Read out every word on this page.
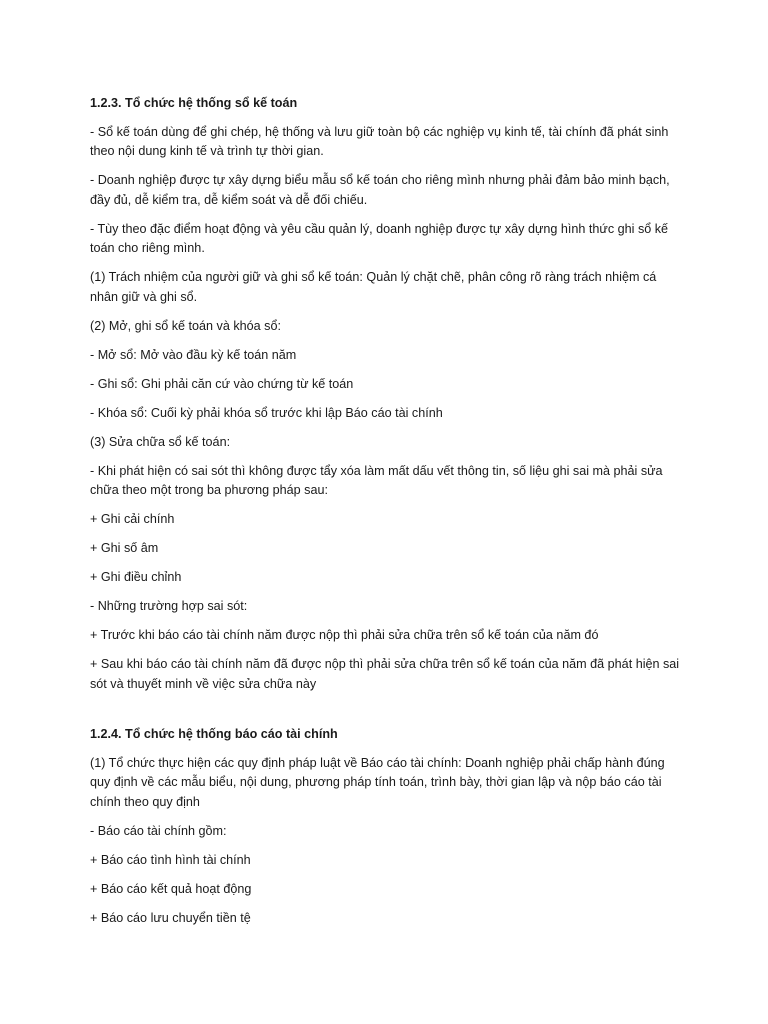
1.2.3. Tổ chức hệ thống sổ kế toán

- Sổ kế toán dùng để ghi chép, hệ thống và lưu giữ toàn bộ các nghiệp vụ kinh tế, tài chính đã phát sinh theo nội dung kinh tế và trình tự thời gian.

- Doanh nghiệp được tự xây dựng biểu mẫu sổ kế toán cho riêng mình nhưng phải đảm bảo minh bạch, đầy đủ, dễ kiểm tra, dễ kiểm soát và dễ đối chiếu.

- Tùy theo đặc điểm hoạt động và yêu cầu quản lý, doanh nghiệp được tự xây dựng hình thức ghi sổ kế toán cho riêng mình.

(1) Trách nhiệm của người giữ và ghi sổ kế toán: Quản lý chặt chẽ, phân công rõ ràng trách nhiệm cá nhân giữ và ghi sổ.

(2) Mở, ghi sổ kế toán và khóa sổ:

- Mở sổ: Mở vào đầu kỳ kế toán năm

- Ghi sổ: Ghi phải căn cứ vào chứng từ kế toán

- Khóa sổ: Cuối kỳ phải khóa sổ trước khi lập Báo cáo tài chính

(3) Sửa chữa sổ kế toán:

- Khi phát hiện có sai sót thì không được tẩy xóa làm mất dấu vết thông tin, số liệu ghi sai mà phải sửa chữa theo một trong ba phương pháp sau:

+ Ghi cải chính

+ Ghi số âm

+ Ghi điều chỉnh

- Những trường hợp sai sót:

+ Trước khi báo cáo tài chính năm được nộp thì phải sửa chữa trên sổ kế toán của năm đó

+ Sau khi báo cáo tài chính năm đã được nộp thì phải sửa chữa trên sổ kế toán của năm đã phát hiện sai sót và thuyết minh về việc sửa chữa này

1.2.4. Tổ chức hệ thống báo cáo tài chính

(1) Tổ chức thực hiện các quy định pháp luật về Báo cáo tài chính: Doanh nghiệp phải chấp hành đúng quy định về các mẫu biểu, nội dung, phương pháp tính toán, trình bày, thời gian lập và nộp báo cáo tài chính theo quy định

- Báo cáo tài chính gồm:

+ Báo cáo tình hình tài chính

+ Báo cáo kết quả hoạt động

+ Báo cáo lưu chuyển tiền tệ
